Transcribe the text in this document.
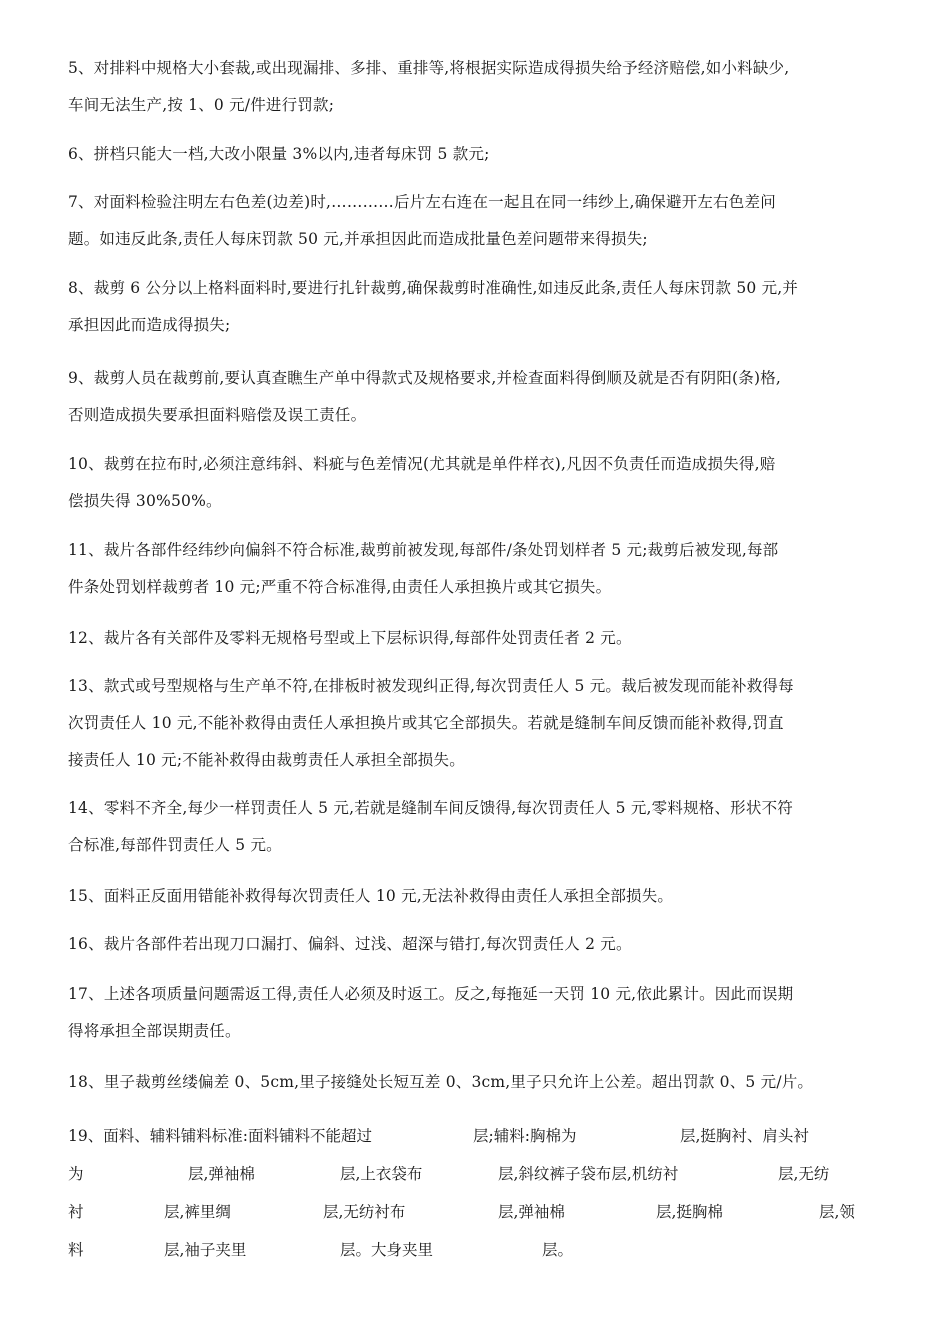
5、对排料中规格大小套裁,或出现漏排、多排、重排等,将根据实际造成得损失给予经济赔偿,如小料缺少,
车间无法生产,按 1、0 元/件进行罚款;
6、拼档只能大一档,大改小限量 3%以内,违者每床罚 5 款元;
7、对面料检验注明左右色差(边差)时,…………后片左右连在一起且在同一纬纱上,确保避开左右色差问
题。如违反此条,责任人每床罚款 50 元,并承担因此而造成批量色差问题带来得损失;
8、裁剪 6 公分以上格料面料时,要进行扎针裁剪,确保裁剪时准确性,如违反此条,责任人每床罚款 50 元,并
承担因此而造成得损失;
9、裁剪人员在裁剪前,要认真查瞧生产单中得款式及规格要求,并检查面料得倒顺及就是否有阴阳(条)格,
否则造成损失要承担面料赔偿及误工责任。
10、裁剪在拉布时,必须注意纬斜、料疵与色差情况(尤其就是单件样衣),凡因不负责任而造成损失得,赔
偿损失得 30%50%。
11、裁片各部件经纬纱向偏斜不符合标准,裁剪前被发现,每部件/条处罚划样者 5 元;裁剪后被发现,每部
件条处罚划样裁剪者 10 元;严重不符合标准得,由责任人承担换片或其它损失。
12、裁片各有关部件及零料无规格号型或上下层标识得,每部件处罚责任者 2 元。
13、款式或号型规格与生产单不符,在排板时被发现纠正得,每次罚责任人 5 元。裁后被发现而能补救得每
次罚责任人 10 元,不能补救得由责任人承担换片或其它全部损失。若就是缝制车间反馈而能补救得,罚直
接责任人 10 元;不能补救得由裁剪责任人承担全部损失。
14、零料不齐全,每少一样罚责任人 5 元,若就是缝制车间反馈得,每次罚责任人 5 元,零料规格、形状不符
合标准,每部件罚责任人 5 元。
15、面料正反面用错能补救得每次罚责任人 10 元,无法补救得由责任人承担全部损失。
16、裁片各部件若出现刀口漏打、偏斜、过浅、超深与错打,每次罚责任人 2 元。
17、上述各项质量问题需返工得,责任人必须及时返工。反之,每拖延一天罚 10 元,依此累计。因此而误期
得将承担全部误期责任。
18、里子裁剪丝缕偏差 0、5cm,里子接缝处长短互差 0、3cm,里子只允许上公差。超出罚款 0、5 元/片。
19、面料、辅料铺料标准:面料铺料不能超过	层;辅料:胸棉为	层,挺胸衬、肩头衬
为	层,弹袖棉	层,上衣袋布	层,斜纹裤子袋布层,机纺衬	层,无纺
衬	层,裤里绸	层,无纺衬布	层,弹袖棉	层,挺胸棉	层,领
料	层,袖子夹里	层。大身夹里	层。
